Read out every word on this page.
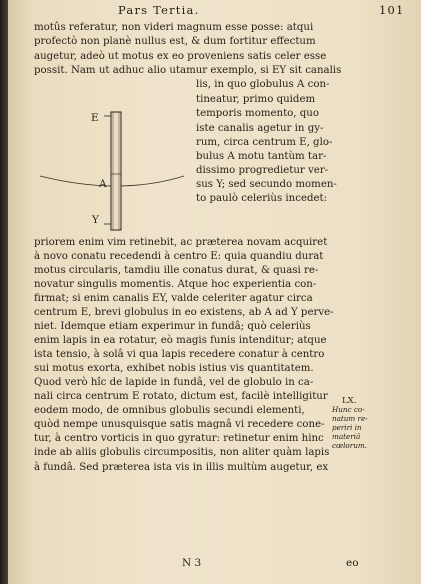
Pars Tertia.	101
motûs referatur, non videri magnum esse posse: atqui
profectò non planè nullus est, & dum fortitur effectum
augetur, adeò ut motus ex eo proveniens satis celer esse
possit. Nam ut adhuc alio utamur exemplo, si EY sit canalis
lis, in quo globulus A con-
tineatur, primo quidem
temporis momento, quo
iste canalis agetur in gy-
rum, circa centrum E, glo-
bulus A motu tantùm tar-
dissimo progredietur ver-
sus Y; sed secundo momen-
to paulò celeriùs incedet:
E
A
Y
priorem enim vim retinebit, ac præterea novam acquiret
à novo conatu recedendi à centro E: quia quandiu durat
motus circularis, tamdiu ille conatus durat, & quasi re-
novatur singulis momentis. Atque hoc experientia con-
firmat; si enim canalis EY, valde celeriter agatur circa
centrum E, brevi globulus in eo existens, ab A ad Y perve-
niet. Idemque etiam experimur in fundâ; quò celeriùs
enim lapis in ea rotatur, eò magis funis intenditur; atque
ista tensio, à solâ vi qua lapis recedere conatur à centro
sui motus exorta, exhibet nobis istius vis quantitatem.
Quod verò hîc de lapide in fundâ, vel de globulo in ca-
nali circa centrum E rotato, dictum est, facilè intelligitur
eodem modo, de omnibus globulis secundi elementi,
quòd nempe unusquisque satis magnâ vi recedere cone-
tur, à centro vorticis in quo gyratur: retinetur enim hinc
inde ab aliis globulis circumpositis, non aliter quàm lapis
à fundâ. Sed præterea ista vis in illis multùm augetur, ex
LX.
Hunc co-
natum re-
periri in
materiâ
cœlorum.
N 3	eo
